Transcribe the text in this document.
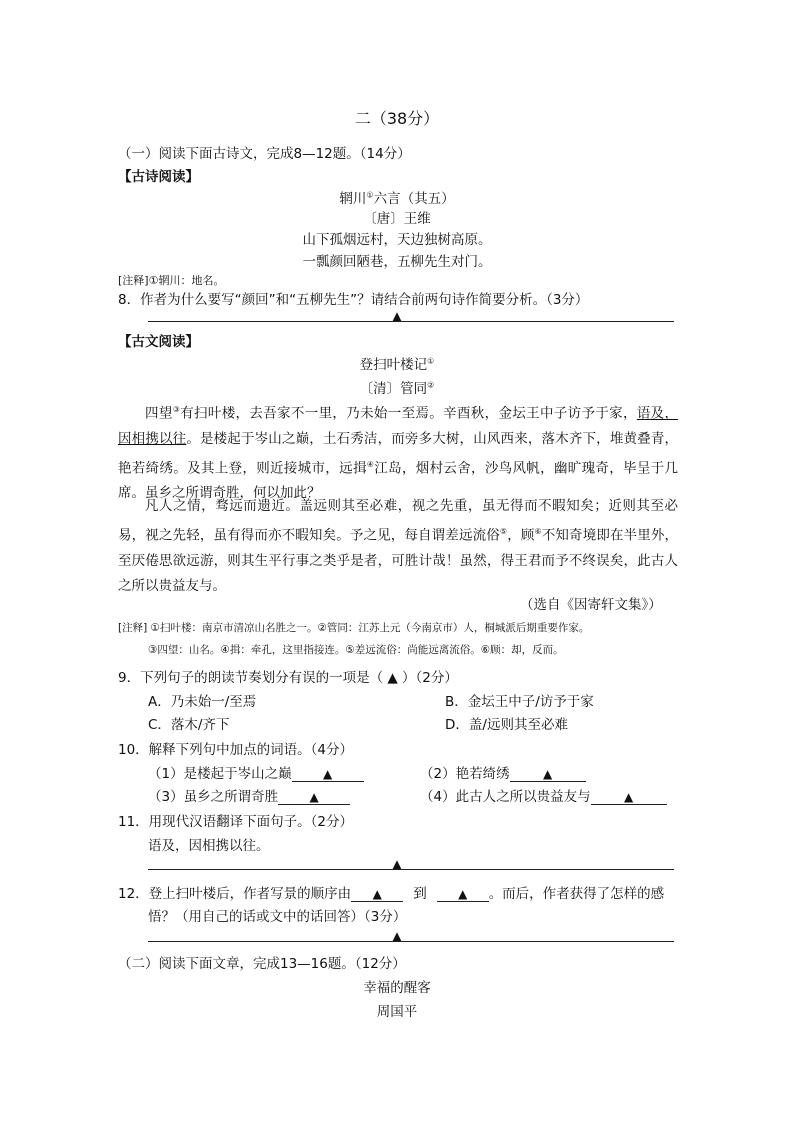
二（38分）
（一）阅读下面古诗文，完成8—12题。（14分）
【古诗阅读】
辋川①六言（其五）
〔唐〕王维
山下孤烟远村，天边独树高原。
一瓢颜回陋巷，五柳先生对门。
[注释]①辋川：地名。
8．作者为什么要写“颜回”和“五柳先生”？请结合前两句诗作简要分析。（3分）
▲
【古文阅读】
登扫叶楼记①
〔清〕管同②
四望③有扫叶楼，去吾家不一里，乃未始一至焉。辛酉秋，金坛王中子访予于家，语及，因相携以往。是楼起于岑山之巅，土石秀洁，而旁多大树，山风西来，落木齐下，堆黄叠青，艳若绮绣。及其上登，则近接城市，远揖④江岛，烟村云舍，沙鸟风帆，幽旷瑰奇，毕呈于几席。虽乡之所谓奇胜，何以加此？
凡人之情，骛远而遗近。盖远则其至必难，视之先重，虽无得而不暇知矣；近则其至必易，视之先轻，虽有得而亦不暇知矣。予之见，每自谓差远流俗⑤，顾⑥不知奇境即在半里外，至厌倦思欲远游，则其生平行事之类乎是者，可胜计哉！虽然，得王君而予不终误矣，此古人之所以贵益友与。
（选自《因寄轩文集》）
[注释] ①扫叶楼：南京市清凉山名胜之一。②管同：江苏上元（今南京市）人，桐城派后期重要作家。
③四望：山名。④揖：牵孔，这里指接连。⑤差远流俗：尚能远离流俗。⑥顾：却，反而。
9．下列句子的朗读节奏划分有误的一项是（ ▲ ）（2分）
A．乃未始一/至焉	B．金坛王中子/访予于家
C．落木/齐下	D．盖/远则其至必难
10．解释下列句中加点的词语。（4分）
（1）是楼起于岑山之巅	▲	（2）艳若绮绣	▲
（3）虽乡之所谓奇胜	▲	（4）此古人之所以贵益友与	▲
11．用现代汉语翻译下面句子。（2分）
语及，因相携以往。
▲
12．登上扫叶楼后，作者写景的顺序由 ▲ 到	▲ 。而后，作者获得了怎样的感
悟？（用自己的话或文中的话回答）（3分）
▲
（二）阅读下面文章，完成13—16题。（12分）
幸福的醒客
周国平
